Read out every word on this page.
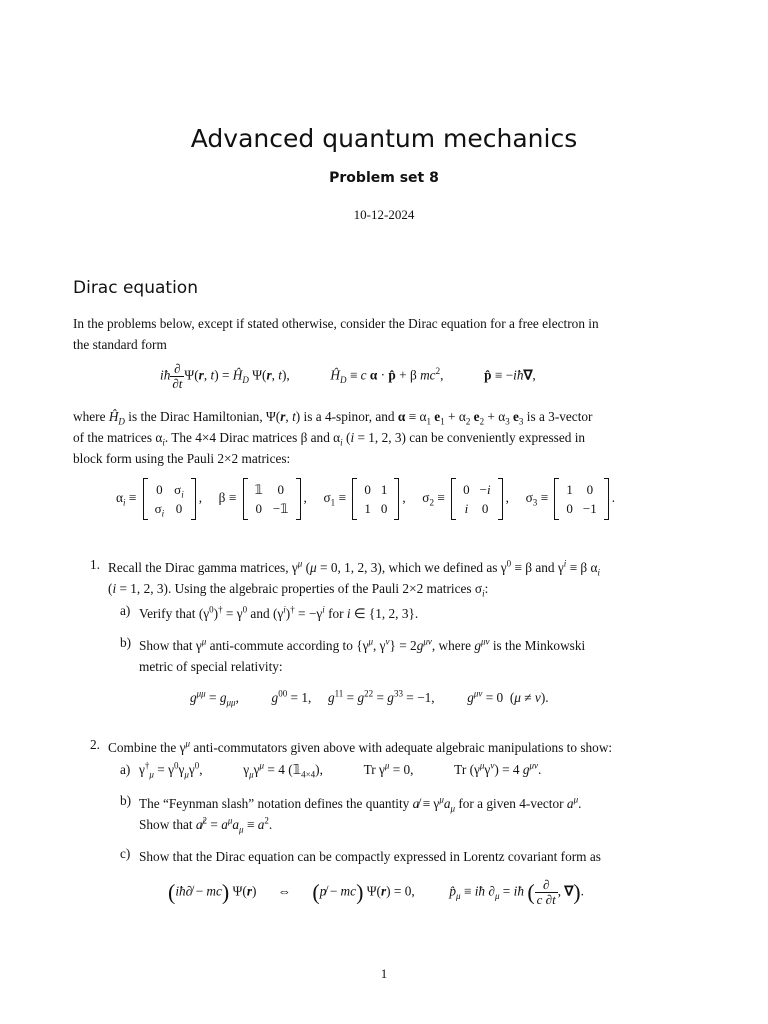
Advanced quantum mechanics
Problem set 8
10-12-2024
Dirac equation
In the problems below, except if stated otherwise, consider the Dirac equation for a free electron in
the standard form
iħ $\frac{\partial}{\partial t} \Psi(r$, $t) = Ĥ_D$ Ψ(r, t),	$Ĥ_D \equiv c$ α · p̂ + β $mc^2$,	p̂ ≡ −iħ∇,
where $Ĥ_D$ is the Dirac Hamiltonian, Ψ(r, t) is a 4-spinor, and $\alpha \equiv \alpha_1$ $e_1 + \alpha_2$ $e_2 + \alpha_3$ $e_3$ is a 3-vector
of the matrices $\alpha_i$. The 4×4 Dirac matrices β and $\alpha_i$ (i = 1, 2, 3) can be conveniently expressed in
block form using the Pauli 2×2 matrices:
$\alpha_i$ ≡
0	$\sigma_i$
$\sigma_i$	0
,  β ≡
𝟙	0
0	−𝟙
,  $\sigma_1$ ≡
0	1
1	0
,  $\sigma_2$ ≡
0	−i
i	0
,  $\sigma_3$ ≡
1	0
0	−1
.
1. Recall the Dirac gamma matrices, $\gamma^\mu$ (μ = 0, 1, 2, 3), which we defined as $\gamma^0 \equiv \beta$ and $\gamma^i \equiv \beta$ $\alpha_i$
(i = 1, 2, 3). Using the algebraic properties of the Pauli 2×2 matrices $\sigma_i$:
a) Verify that $(\gamma^0)^\dagger = \gamma^0$ and $(\gamma^i)^\dagger = -\gamma^i$ for i ∈ {1, 2, 3}.
b) Show that $\gamma^\mu$ anti-commute according to {$\gamma^\mu$, $\gamma^\nu\} = 2g^{\mu\nu}$, where $g^{\mu\nu}$ is the Minkowski
metric of special relativity:
$g^{\mu\mu} = g_{\mu\mu}$,  $g^{00} = 1$,  $g^{11} = g^{22} = g^{33} = -1$,  $g^{\mu\nu} = 0$  (μ ≠ ν).
2. Combine the $\gamma^\mu$ anti-commutators given above with adequate algebraic manipulations to show:
a) $\gamma^\dagger_\mu = \gamma^0\gamma_\mu\gamma^0$,	$\gamma_\mu\gamma^\mu = 4$ $(𝟙_{4\times 4})$,	Tr $\gamma^\mu = 0$,	Tr $(\gamma^\mu\gamma^\nu) = 4$ $g^{\mu\nu}$.
b) The “Feynman slash” notation defines the quantity a̸ ≡ $\gamma^\mu a_\mu$ for a given 4-vector $a^\mu$.
Show that a̸$^2$ = $a^\mu a_\mu \equiv a^2$.
c) Show that the Dirac equation can be compactly expressed in Lorentz covariant form as
(iħ∂̸ − mc) Ψ(r) ⇔ (p̸ − mc) Ψ(r) = 0,  $p̂_\mu$ ≡ iħ $\partial_\mu$ = iħ ( $\frac{\partial}{c \partial t}$ , ∇).
1
